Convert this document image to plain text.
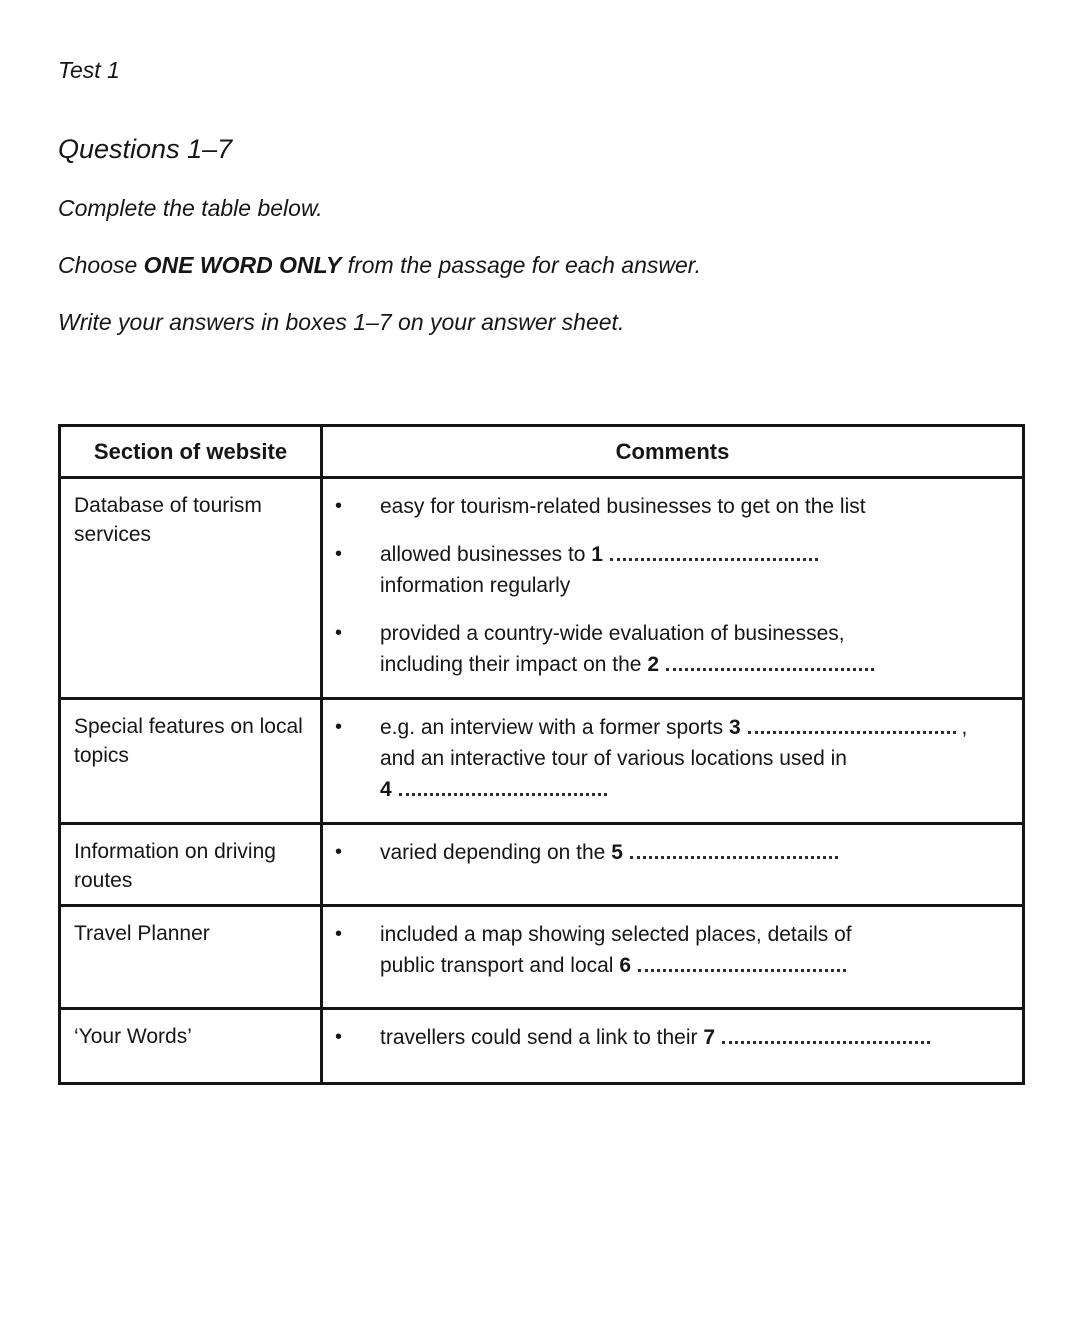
Test 1

Questions 1–7

Complete the table below.

Choose ONE WORD ONLY from the passage for each answer.

Write your answers in boxes 1–7 on your answer sheet.

Section of website	Comments
Database of tourism services	
•	easy for tourism-related businesses to get on the list
•	allowed businesses to 1
information regularly
•	provided a country-wide evaluation of businesses,
including their impact on the 2

Special features on local topics	• e.g. an interview with a former sports 3 ,
and an interactive tour of various locations used in
4

Information on driving routes	• varied depending on the 5

Travel Planner	• included a map showing selected places, details of
public transport and local 6

‘Your Words’	• travellers could send a link to their 7
